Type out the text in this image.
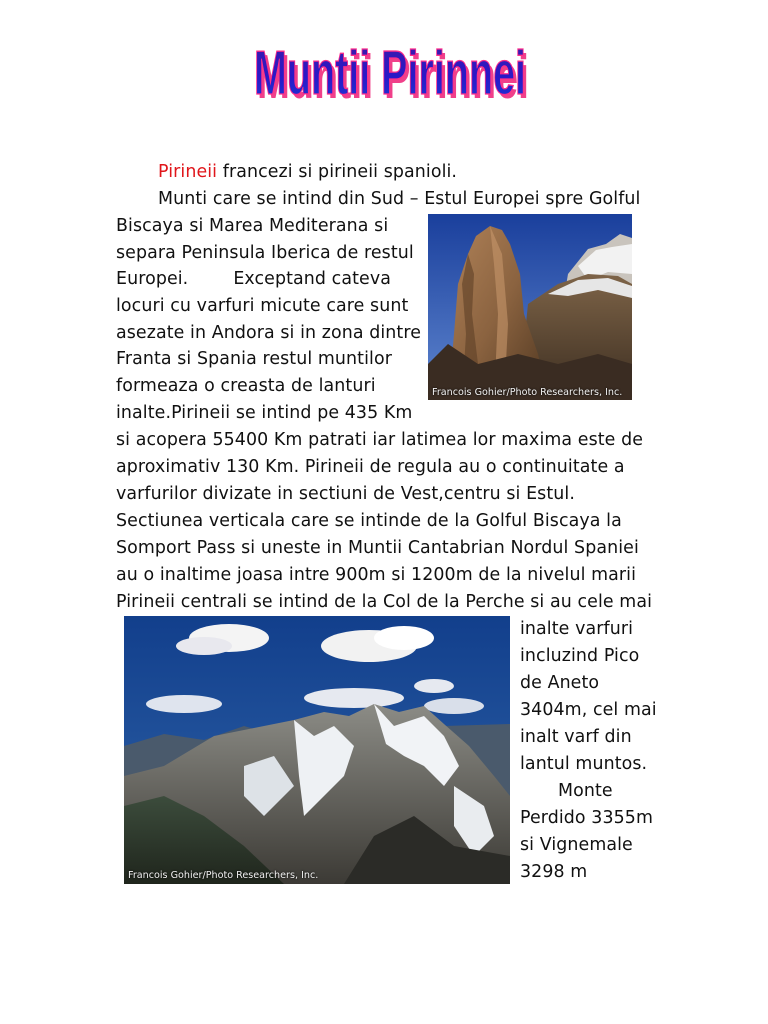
Muntii Pirinnei
Muntii Pirinnei
Pirineii francezi si pirineii spanioli.
Munti care se intind din Sud – Estul Europei spre Golful
Biscaya si Marea Mediterana si
separa Peninsula Iberica de restul
Europei.        Exceptand cateva
locuri cu varfuri micute care sunt
asezate in Andora si in zona dintre
Franta si Spania restul muntilor
formeaza o creasta de lanturi
inalte.Pirineii se intind pe 435 Km
si acopera 55400 Km patrati iar latimea lor maxima este de
aproximativ 130 Km. Pirineii de regula au o continuitate a
varfurilor divizate in sectiuni de Vest,centru si Estul.
Sectiunea verticala care se intinde de la Golful Biscaya la
Somport Pass si uneste in Muntii Cantabrian Nordul Spaniei
au o inaltime joasa intre 900m si 1200m de la nivelul marii
Pirineii centrali se intind de la Col de la Perche si au cele mai
inalte varfuri
incluzind Pico
de Aneto
3404m, cel mai
inalt varf din
lantul muntos.
Monte
Perdido 3355m
si Vignemale
3298 m
Francois Gohier/Photo Researchers, Inc.
Francois Gohier/Photo Researchers, Inc.
